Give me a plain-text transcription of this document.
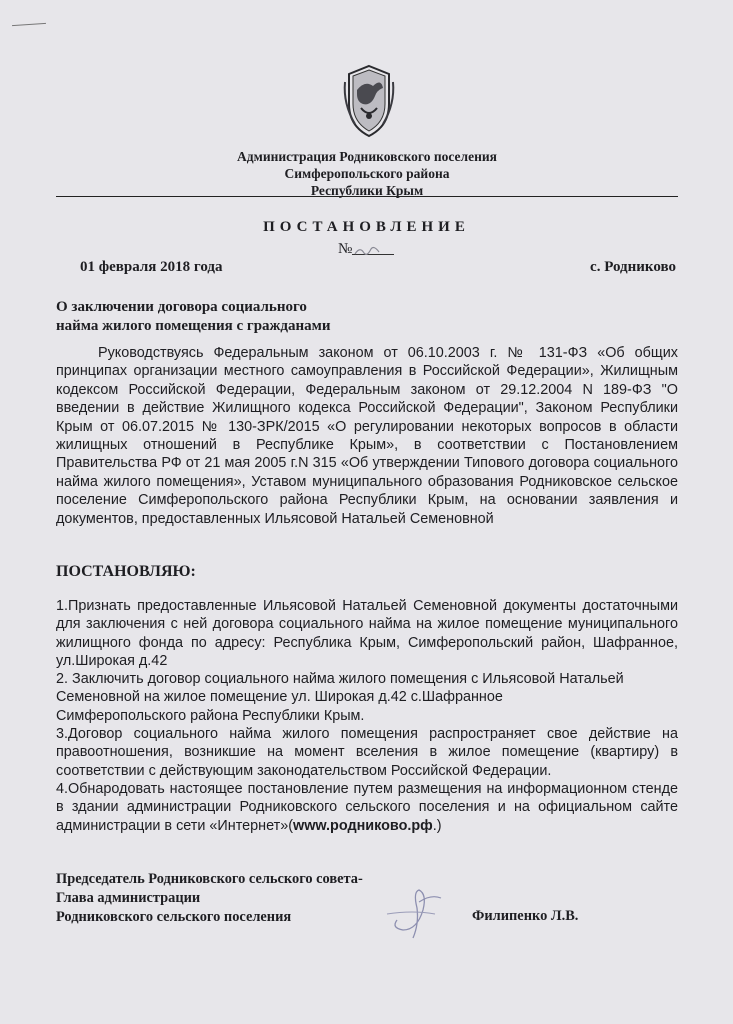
Администрация Родниковского поселения
Симферопольского района
Республики Крым
ПОСТАНОВЛЕНИЕ
№
01 февраля 2018 года	с. Родниково
О заключении договора социального
найма жилого помещения с гражданами
Руководствуясь Федеральным законом от 06.10.2003 г. № 131-ФЗ «Об общих принципах организации местного самоуправления в Российской Федерации», Жилищным кодексом Российской Федерации, Федеральным законом от 29.12.2004 N 189-ФЗ "О введении в действие Жилищного кодекса Российской Федерации", Законом Республики Крым от 06.07.2015 № 130-ЗРК/2015 «О регулировании некоторых вопросов в области жилищных отношений в Республике Крым», в соответствии с Постановлением Правительства РФ от 21 мая 2005 г.N 315 «Об утверждении Типового договора социального найма жилого помещения», Уставом муниципального образования Родниковское сельское поселение Симферопольского района Республики Крым, на основании заявления и документов, предоставленных Ильясовой Натальей Семеновной
ПОСТАНОВЛЯЮ:

1.Признать предоставленные Ильясовой Натальей Семеновной документы достаточными для заключения с ней договора социального найма на жилое помещение муниципального жилищного фонда по адресу: Республика Крым, Симферопольский район, Шафранное, ул.Широкая д.42

2. Заключить договор социального найма жилого помещения с Ильясовой Натальей

Семеновной на жилое помещение ул. Широкая д.42 с.Шафранное

Симферопольского района Республики Крым.

3.Договор социального найма жилого помещения распространяет свое действие на правоотношения, возникшие на момент вселения в жилое помещение (квартиру) в соответствии с действующим законодательством Российской Федерации.

4.Обнародовать настоящее постановление путем размещения на информационном стенде в здании администрации Родниковского сельского поселения и на официальном сайте администрации в сети «Интернет»(www.родниково.рф.)

Председатель Родниковского сельского совета-
Глава администрации
Родниковского сельского поселения	Филипенко Л.В.
